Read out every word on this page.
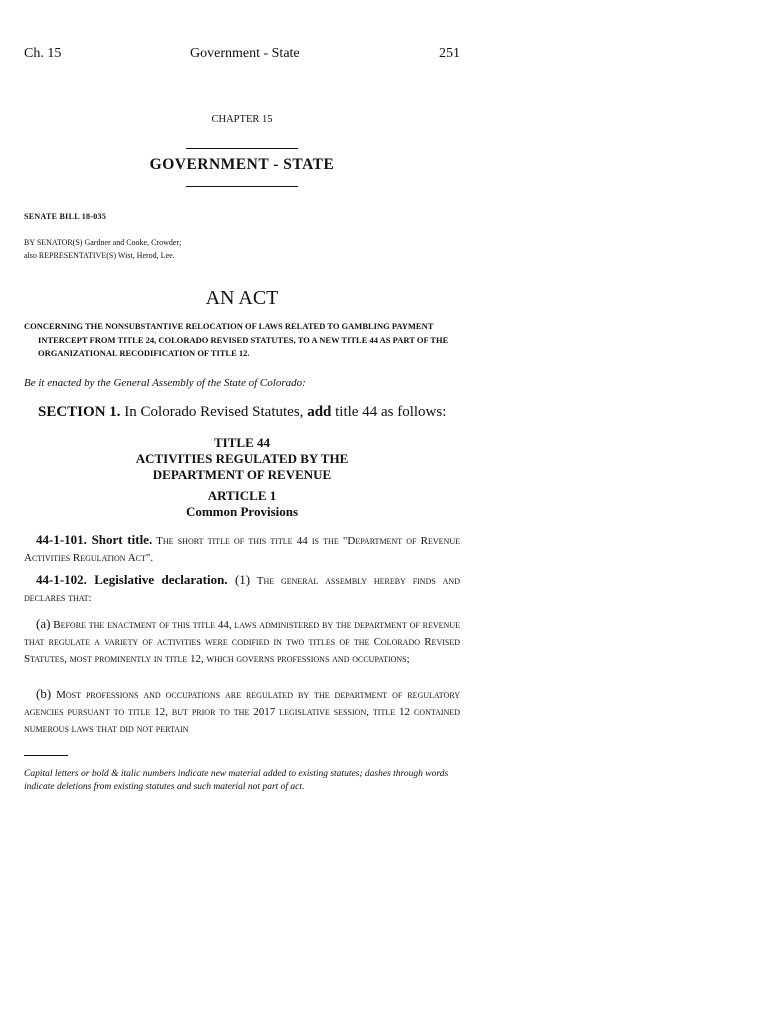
Ch. 15	Government - State	251
CHAPTER 15
GOVERNMENT - STATE
SENATE BILL 18-035
BY SENATOR(S) Gardner and Cooke, Crowder;
also REPRESENTATIVE(S) Wist, Herod, Lee.
AN ACT
CONCERNING THE NONSUBSTANTIVE RELOCATION OF LAWS RELATED TO GAMBLING PAYMENT
INTERCEPT FROM TITLE 24, COLORADO REVISED STATUTES, TO A NEW TITLE 44 AS PART OF THE
ORGANIZATIONAL RECODIFICATION OF TITLE 12.
Be it enacted by the General Assembly of the State of Colorado:
SECTION 1. In Colorado Revised Statutes, add title 44 as follows:
TITLE 44
ACTIVITIES REGULATED BY THE
DEPARTMENT OF REVENUE
ARTICLE 1
Common Provisions
44-1-101. Short title. The short title of this title 44 is the "Department of Revenue Activities Regulation Act".
44-1-102. Legislative declaration. (1) The general assembly hereby finds and declares that:
(a) Before the enactment of this title 44, laws administered by the department of revenue that regulate a variety of activities were codified in two titles of the Colorado Revised Statutes, most prominently in title 12, which governs professions and occupations;
(b) Most professions and occupations are regulated by the department of regulatory agencies pursuant to title 12, but prior to the 2017 legislative session, title 12 contained numerous laws that did not pertain
Capital letters or bold & italic numbers indicate new material added to existing statutes; dashes through words indicate deletions from existing statutes and such material not part of act.
